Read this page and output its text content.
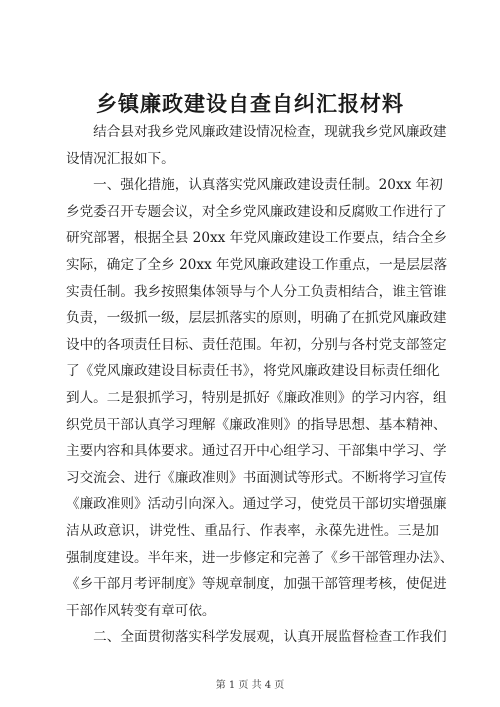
乡镇廉政建设自查自纠汇报材料
　　结合县对我乡党风廉政建设情况检查，现就我乡党风廉政建
设情况汇报如下。
　　一、强化措施，认真落实党风廉政建设责任制。20xx 年初
乡党委召开专题会议，对全乡党风廉政建设和反腐败工作进行了
研究部署，根据全县 20xx 年党风廉政建设工作要点，结合全乡
实际，确定了全乡 20xx 年党风廉政建设工作重点，一是层层落
实责任制。我乡按照集体领导与个人分工负责相结合，谁主管谁
负责，一级抓一级，层层抓落实的原则，明确了在抓党风廉政建
设中的各项责任目标、责任范围。年初，分别与各村党支部签定
了《党风廉政建设目标责任书》，将党风廉政建设目标责任细化
到人。二是狠抓学习，特别是抓好《廉政准则》的学习内容，组
织党员干部认真学习理解《廉政准则》的指导思想、基本精神、
主要内容和具体要求。通过召开中心组学习、干部集中学习、学
习交流会、进行《廉政准则》书面测试等形式。不断将学习宣传
《廉政准则》活动引向深入。通过学习，使党员干部切实增强廉
洁从政意识，讲党性、重品行、作表率，永葆先进性。三是加
强制度建设。半年来，进一步修定和完善了《乡干部管理办法》、
《乡干部月考评制度》等规章制度，加强干部管理考核，使促进
干部作风转变有章可依。
　　二、全面贯彻落实科学发展观，认真开展监督检查工作我们
第 1 页 共 4 页
